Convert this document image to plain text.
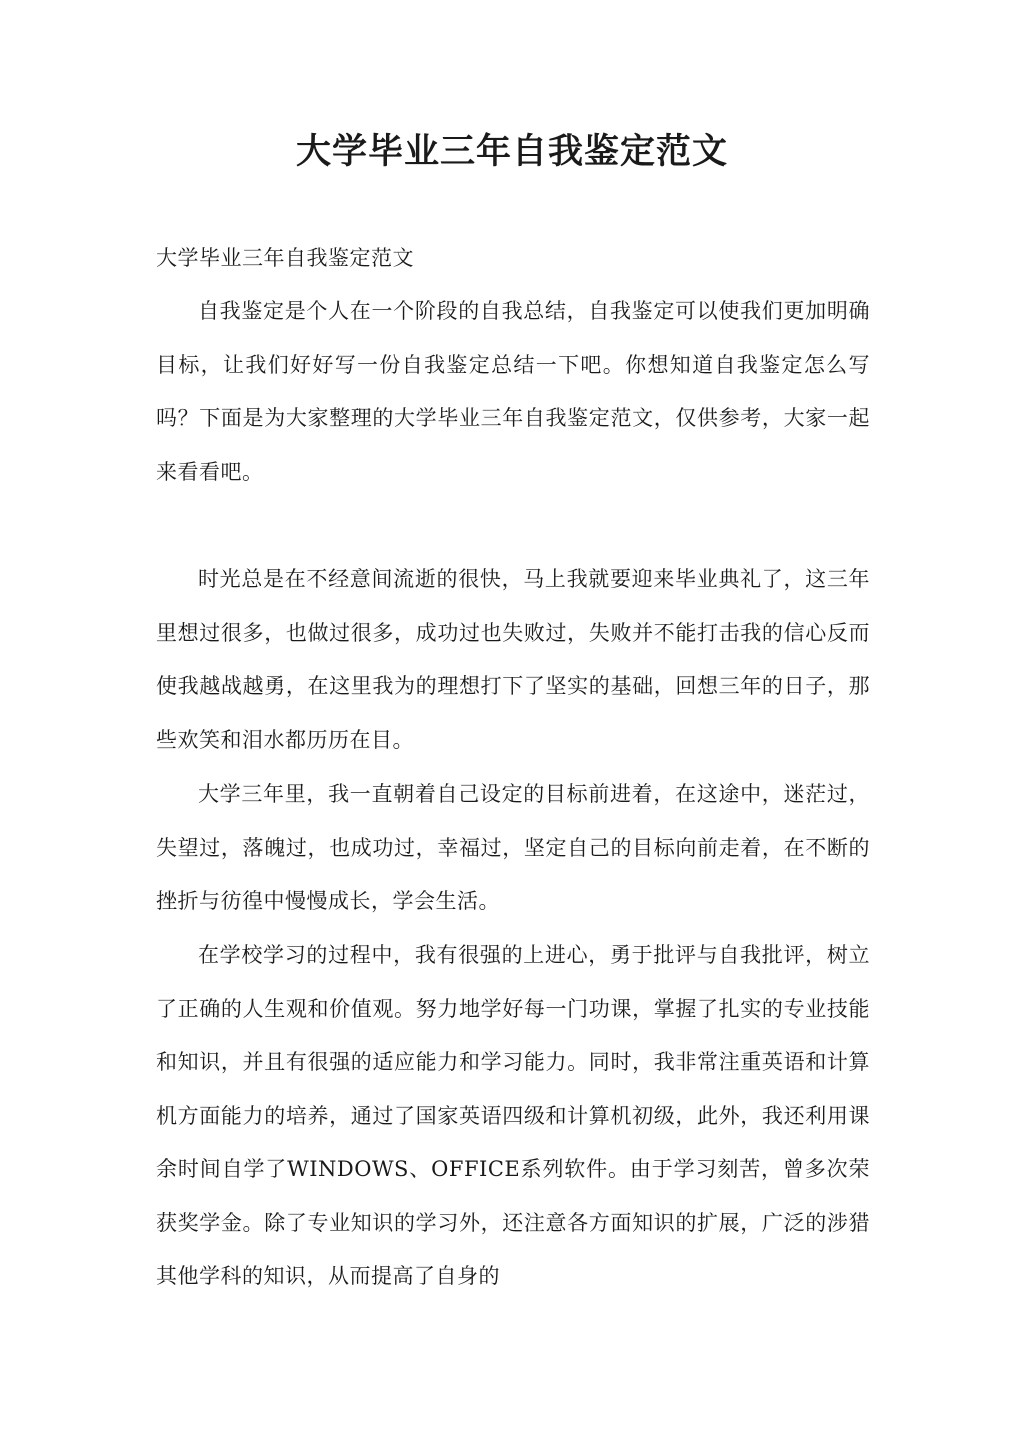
大学毕业三年自我鉴定范文

大学毕业三年自我鉴定范文

自我鉴定是个人在一个阶段的自我总结，自我鉴定可以使我们更加明确目标，让我们好好写一份自我鉴定总结一下吧。你想知道自我鉴定怎么写吗？下面是为大家整理的大学毕业三年自我鉴定范文，仅供参考，大家一起来看看吧。

时光总是在不经意间流逝的很快，马上我就要迎来毕业典礼了，这三年里想过很多，也做过很多，成功过也失败过，失败并不能打击我的信心反而使我越战越勇，在这里我为的理想打下了坚实的基础，回想三年的日子，那些欢笑和泪水都历历在目。

大学三年里，我一直朝着自己设定的目标前进着，在这途中，迷茫过，失望过，落魄过，也成功过，幸福过，坚定自己的目标向前走着，在不断的挫折与彷徨中慢慢成长，学会生活。

在学校学习的过程中，我有很强的上进心，勇于批评与自我批评，树立了正确的人生观和价值观。努力地学好每一门功课，掌握了扎实的专业技能和知识，并且有很强的适应能力和学习能力。同时，我非常注重英语和计算机方面能力的培养，通过了国家英语四级和计算机初级，此外，我还利用课余时间自学了WINDOWS、OFFICE系列软件。由于学习刻苦，曾多次荣获奖学金。除了专业知识的学习外，还注意各方面知识的扩展，广泛的涉猎其他学科的知识，从而提高了自身的
